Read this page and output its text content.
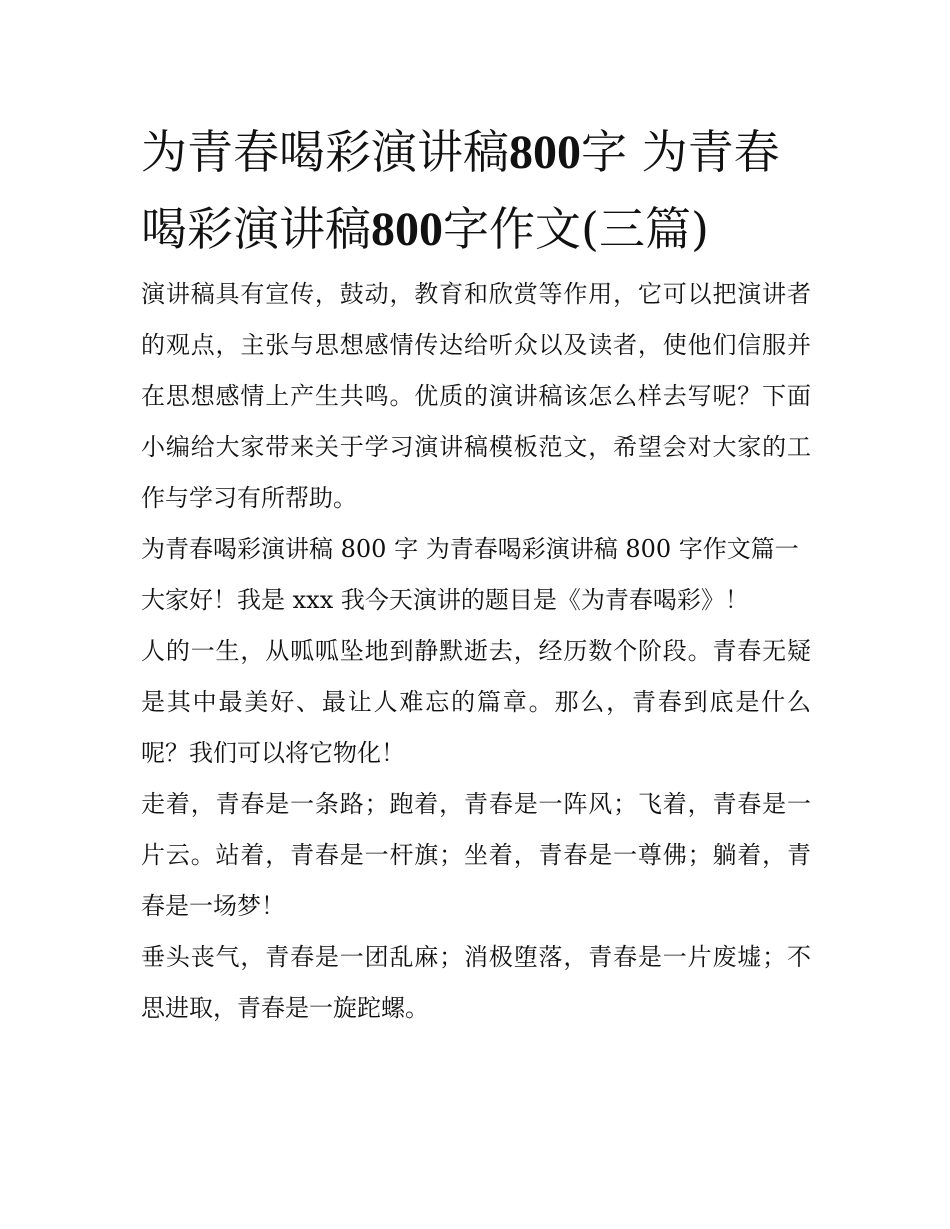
为青春喝彩演讲稿800字 为青春喝彩演讲稿800字作文(三篇)

演讲稿具有宣传，鼓动，教育和欣赏等作用，它可以把演讲者的观点，主张与思想感情传达给听众以及读者，使他们信服并在思想感情上产生共鸣。优质的演讲稿该怎么样去写呢？下面小编给大家带来关于学习演讲稿模板范文，希望会对大家的工作与学习有所帮助。

为青春喝彩演讲稿 800 字 为青春喝彩演讲稿 800 字作文篇一

大家好！我是 xxx 我今天演讲的题目是《为青春喝彩》！

人的一生，从呱呱坠地到静默逝去，经历数个阶段。青春无疑是其中最美好、最让人难忘的篇章。那么，青春到底是什么呢？我们可以将它物化！

走着，青春是一条路；跑着，青春是一阵风；飞着，青春是一片云。站着，青春是一杆旗；坐着，青春是一尊佛；躺着，青春是一场梦！

垂头丧气，青春是一团乱麻；消极堕落，青春是一片废墟；不思进取，青春是一旋跎螺。
